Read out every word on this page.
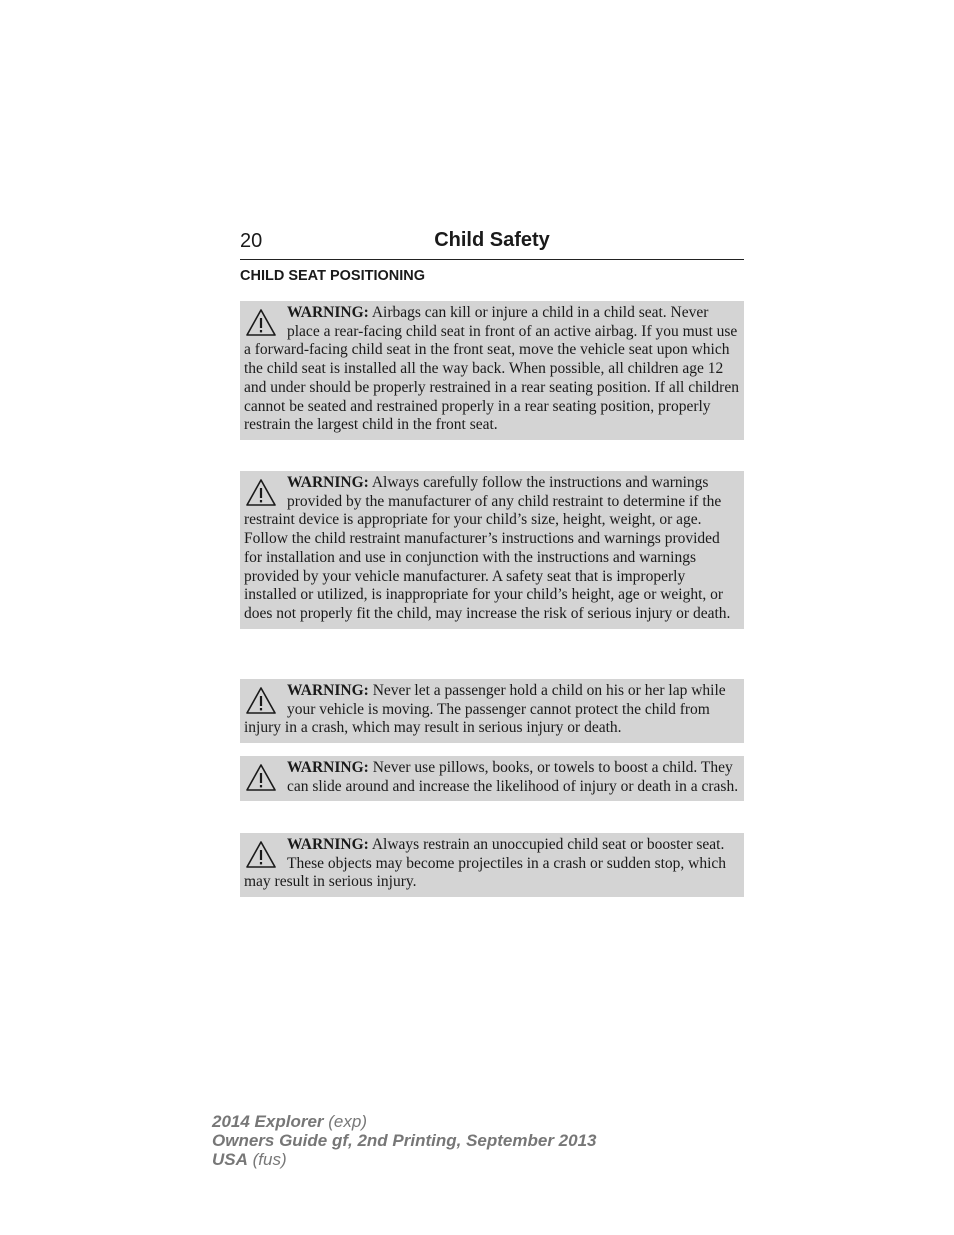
20	Child Safety
CHILD SEAT POSITIONING
WARNING: Airbags can kill or injure a child in a child seat. Never place a rear-facing child seat in front of an active airbag. If you must use a forward-facing child seat in the front seat, move the vehicle seat upon which the child seat is installed all the way back. When possible, all children age 12 and under should be properly restrained in a rear seating position. If all children cannot be seated and restrained properly in a rear seating position, properly restrain the largest child in the front seat.
WARNING: Always carefully follow the instructions and warnings provided by the manufacturer of any child restraint to determine if the restraint device is appropriate for your child’s size, height, weight, or age. Follow the child restraint manufacturer’s instructions and warnings provided for installation and use in conjunction with the instructions and warnings provided by your vehicle manufacturer. A safety seat that is improperly installed or utilized, is inappropriate for your child’s height, age or weight, or does not properly fit the child, may increase the risk of serious injury or death.
WARNING: Never let a passenger hold a child on his or her lap while your vehicle is moving. The passenger cannot protect the child from injury in a crash, which may result in serious injury or death.
WARNING: Never use pillows, books, or towels to boost a child. They can slide around and increase the likelihood of injury or death in a crash.
WARNING: Always restrain an unoccupied child seat or booster seat. These objects may become projectiles in a crash or sudden stop, which may result in serious injury.
2014 Explorer (exp)
Owners Guide gf, 2nd Printing, September 2013
USA (fus)
